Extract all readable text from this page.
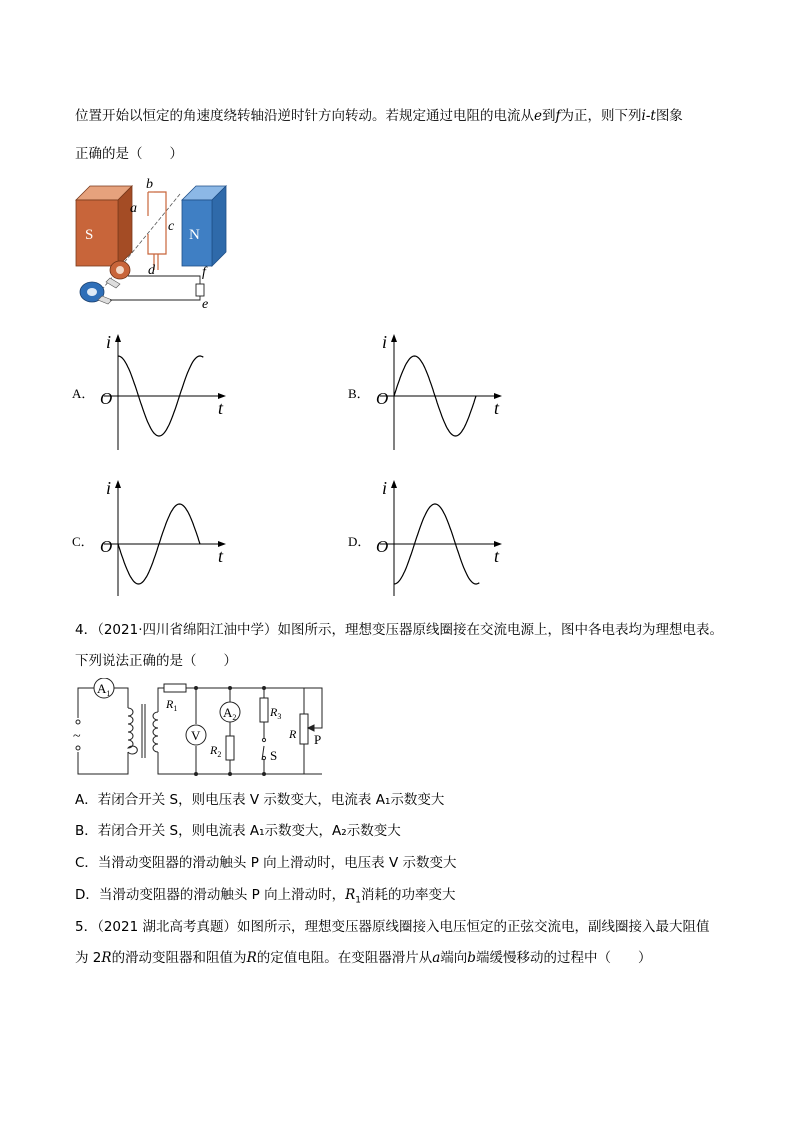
位置开始以恒定的角速度绕转轴沿逆时针方向转动。若规定通过电阻的电流从e到f为正，则下列i-t图象
正确的是（　　）
S	N
b
a
c
d	f
e
A．
i
t
O	B．
i
t
O
C．
i
t
O	D．
i
t
O
4．（2021·四川省绵阳江油中学）如图所示，理想变压器原线圈接在交流电源上，图中各电表均为理想电表。
下列说法正确的是（　　）
$A_1$
~	V
$A_2$
$R_1$
$R_2$
$R_3$
S
R P
A．若闭合开关 S，则电压表 V 示数变大，电流表 A₁示数变大
B．若闭合开关 S，则电流表 A₁示数变大，A₂示数变大
C．当滑动变阻器的滑动触头 P 向上滑动时，电压表 V 示数变大
D．当滑动变阻器的滑动触头 P 向上滑动时，$R_1$消耗的功率变大
5．（2021 湖北高考真题）如图所示，理想变压器原线圈接入电压恒定的正弦交流电，副线圈接入最大阻值
为 2R的滑动变阻器和阻值为R的定值电阻。在变阻器滑片从a端向b端缓慢移动的过程中（　　）
